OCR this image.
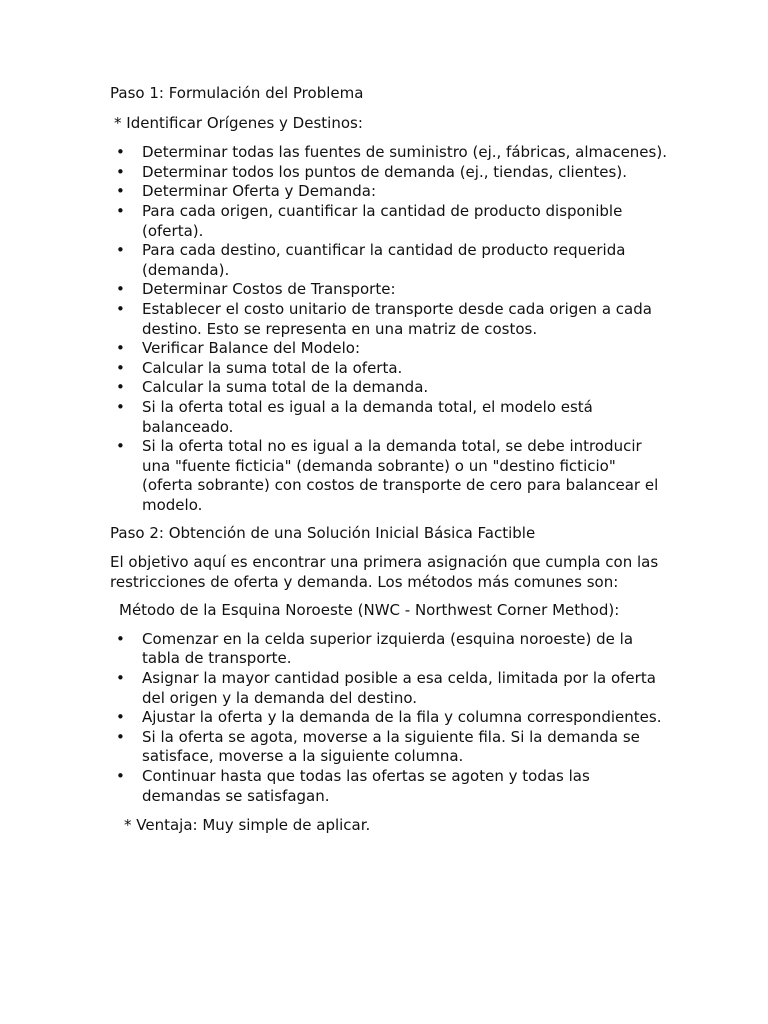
Paso 1: Formulación del Problema

* Identificar Orígenes y Destinos:

• Determinar todas las fuentes de suministro (ej., fábricas, almacenes).
• Determinar todos los puntos de demanda (ej., tiendas, clientes).
• Determinar Oferta y Demanda:
• Para cada origen, cuantificar la cantidad de producto disponible (oferta).
• Para cada destino, cuantificar la cantidad de producto requerida (demanda).
• Determinar Costos de Transporte:
• Establecer el costo unitario de transporte desde cada origen a cada destino. Esto se representa en una matriz de costos.
• Verificar Balance del Modelo:
• Calcular la suma total de la oferta.
• Calcular la suma total de la demanda.
• Si la oferta total es igual a la demanda total, el modelo está balanceado.
• Si la oferta total no es igual a la demanda total, se debe introducir una "fuente ficticia" (demanda sobrante) o un "destino ficticio" (oferta sobrante) con costos de transporte de cero para balancear el modelo.

Paso 2: Obtención de una Solución Inicial Básica Factible

El objetivo aquí es encontrar una primera asignación que cumpla con las restricciones de oferta y demanda. Los métodos más comunes son:

Método de la Esquina Noroeste (NWC - Northwest Corner Method):

• Comenzar en la celda superior izquierda (esquina noroeste) de la tabla de transporte.
• Asignar la mayor cantidad posible a esa celda, limitada por la oferta del origen y la demanda del destino.
• Ajustar la oferta y la demanda de la fila y columna correspondientes.
• Si la oferta se agota, moverse a la siguiente fila. Si la demanda se satisface, moverse a la siguiente columna.
• Continuar hasta que todas las ofertas se agoten y todas las demandas se satisfagan.

* Ventaja: Muy simple de aplicar.
